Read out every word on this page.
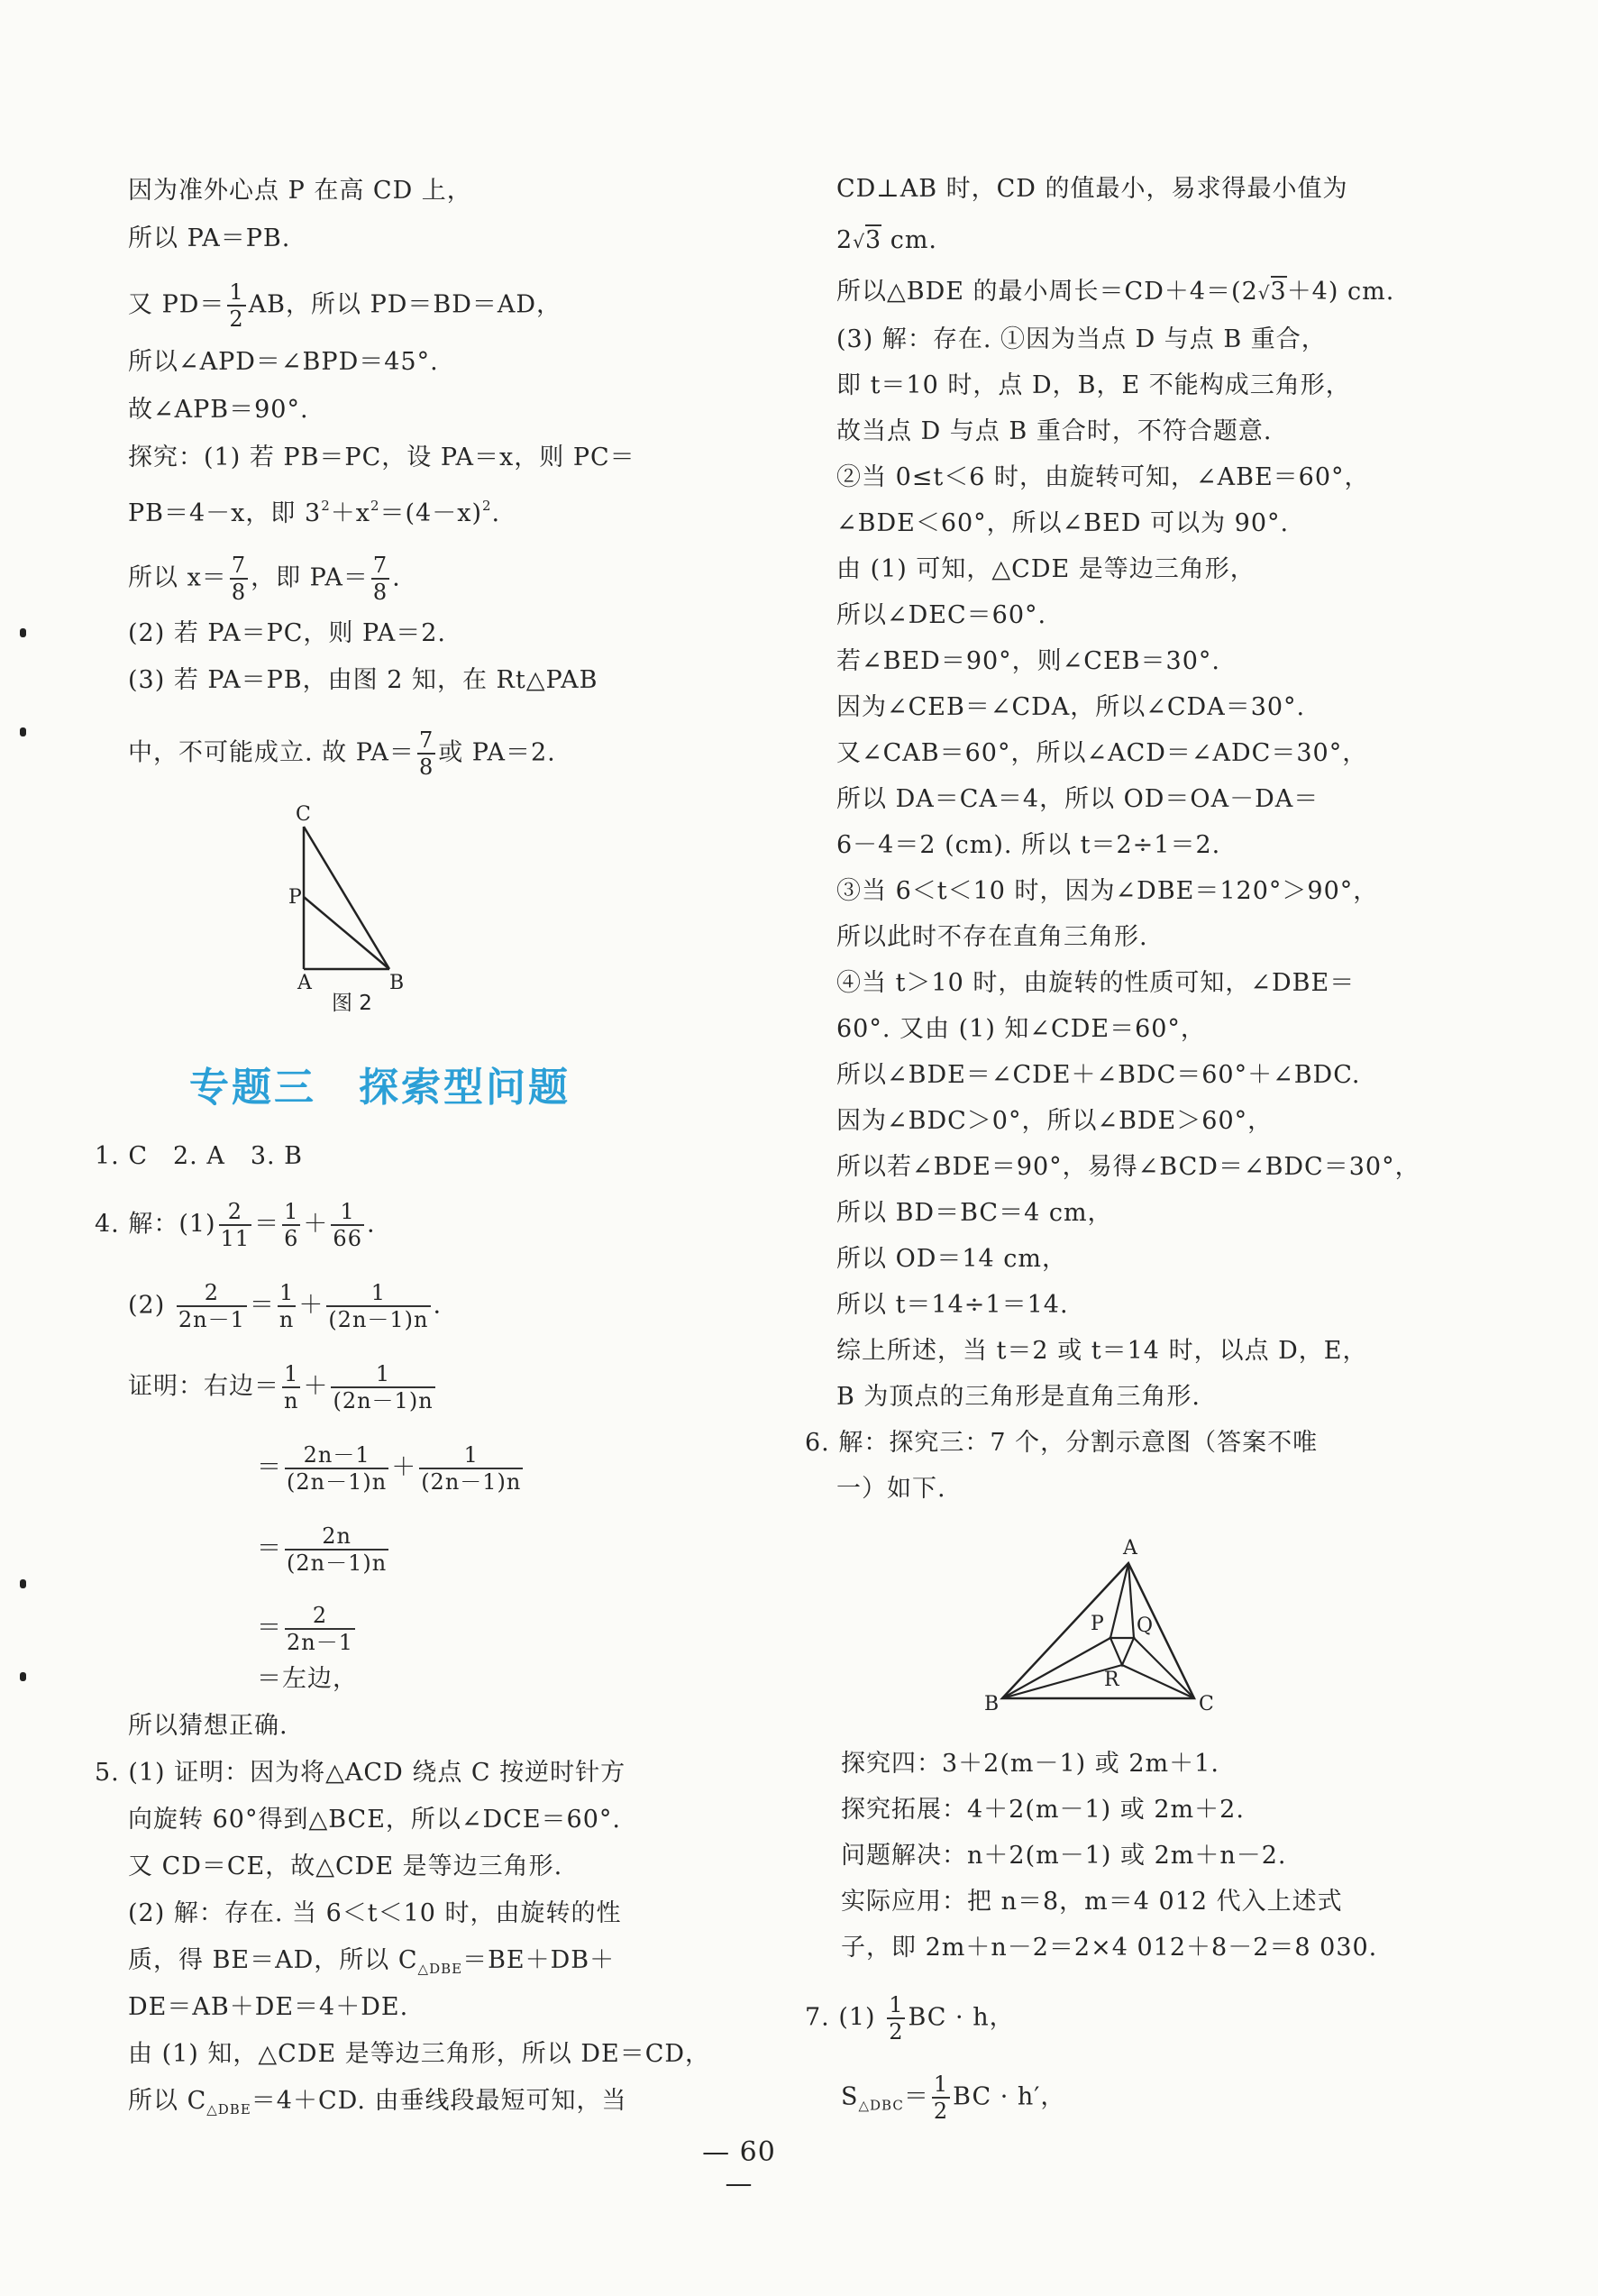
因为准外心点 P 在高 CD 上，
所以 PA＝PB.
又 $PD= \frac{1}{2}$ AB，所以 PD＝BD＝AD，
所以∠APD＝∠BPD＝45°.
故∠APB＝90°.
探究：(1) 若 PB＝PC，设 PA＝x，则 PC＝
PB＝4－x，即 $3^2+x^2=(4-x)^2$.
所以 $x= \frac{7}{8}$ ，即 $PA= \frac{7}{8}$ .
(2) 若 PA＝PC，则 PA＝2.
(3) 若 PA＝PB，由图 2 知，在 Rt△PAB
中，不可能成立. 故 $PA= \frac{7}{8}$ 或 PA＝2.
C
P
A	B
图 2
专题三　探索型问题
1. C　2. A　3. B
4. 解：$(1) \frac{2}{11} = \frac{1}{6} + \frac{1}{66}$ .
$(2) \frac{2}{2n-1} = \frac{1}{n} + \frac{1}{(2n-1)n}$ .
证明：右边＝ $\frac{1}{n} + \frac{1}{(2n-1)n}$
＝ $\frac{2n-1}{(2n-1)n} + \frac{1}{(2n-1)n}$
＝ $\frac{2n}{(2n-1)n}$
＝ $\frac{2}{2n-1}$
＝左边，
所以猜想正确.
5. (1) 证明：因为将△ACD 绕点 C 按逆时针方
向旋转 60°得到△BCE，所以∠DCE＝60°.
又 CD＝CE，故△CDE 是等边三角形.
(2) 解：存在. 当 6＜t＜10 时，由旋转的性
质，得 BE＝AD，所以 $C_{\triangle DBE}=BE+DB+$
DE＝AB＋DE＝4＋DE.
由 (1) 知，△CDE 是等边三角形，所以 DE＝CD，
所以 $C_{\triangle DBE}=4+CD$. 由垂线段最短可知，当
CD⊥AB 时，CD 的值最小，易求得最小值为
2√3 cm.
所以△BDE 的最小周长＝CD＋4＝(2√3＋4) cm.
(3) 解：存在. ①因为当点 D 与点 B 重合，
即 t＝10 时，点 D，B，E 不能构成三角形，
故当点 D 与点 B 重合时，不符合题意.
②当 0≤t＜6 时，由旋转可知，∠ABE＝60°，
∠BDE＜60°，所以∠BED 可以为 90°.
由 (1) 可知，△CDE 是等边三角形，
所以∠DEC＝60°.
若∠BED＝90°，则∠CEB＝30°.
因为∠CEB＝∠CDA，所以∠CDA＝30°.
又∠CAB＝60°，所以∠ACD＝∠ADC＝30°，
所以 DA＝CA＝4，所以 OD＝OA－DA＝
6－4＝2 (cm). 所以 t＝2÷1＝2.
③当 6＜t＜10 时，因为∠DBE＝120°＞90°，
所以此时不存在直角三角形.
④当 t＞10 时，由旋转的性质可知，∠DBE＝
60°. 又由 (1) 知∠CDE＝60°，
所以∠BDE＝∠CDE＋∠BDC＝60°＋∠BDC.
因为∠BDC＞0°，所以∠BDE＞60°，
所以若∠BDE＝90°，易得∠BCD＝∠BDC＝30°，
所以 BD＝BC＝4 cm，
所以 OD＝14 cm，
所以 t＝14÷1＝14.
综上所述，当 t＝2 或 t＝14 时，以点 D，E，
B 为顶点的三角形是直角三角形.
6. 解：探究三：7 个，分割示意图（答案不唯
一）如下.
A
B	C
P Q
R
探究四：3＋2(m－1) 或 2m＋1.
探究拓展：4＋2(m－1) 或 2m＋2.
问题解决：n＋2(m－1) 或 2m＋n－2.
实际应用：把 n＝8，m＝4 012 代入上述式
子，即 2m＋n－2＝2×4 012＋8－2＝8 030.
7. $(1) \frac{1}{2}$ BC · h，
$S_{\triangle DBC}= \frac{1}{2}$ BC · h′，
— 60 —
